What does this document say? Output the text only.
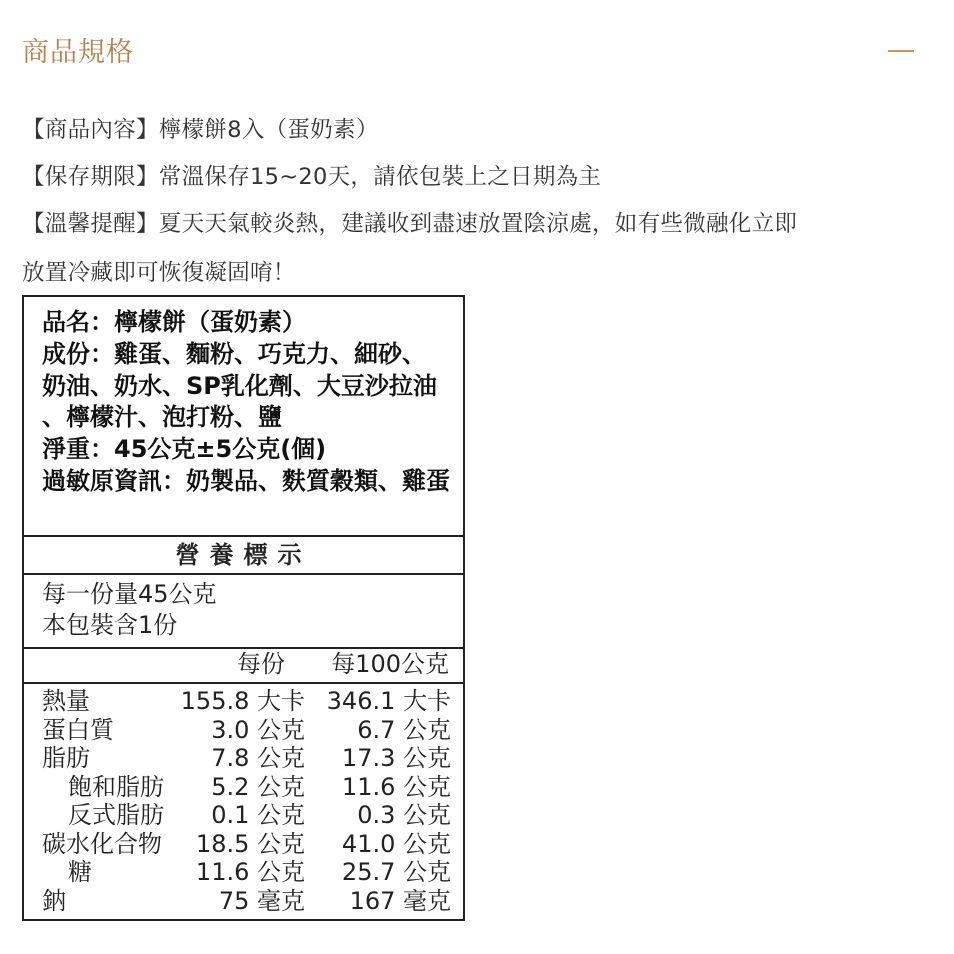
商品規格
【商品內容】檸檬餅8入（蛋奶素）
【保存期限】常溫保存15~20天，請依包裝上之日期為主
【溫馨提醒】夏天天氣較炎熱，建議收到盡速放置陰涼處，如有些微融化立即
放置冷藏即可恢復凝固唷！
品名：檸檬餅（蛋奶素）
成份：雞蛋、麵粉、巧克力、細砂、
奶油、奶水、SP乳化劑、大豆沙拉油
、檸檬汁、泡打粉、鹽
淨重：45公克±5公克(個)
過敏原資訊：奶製品、麩質穀類、雞蛋
營養標示
每一份量45公克
本包裝含1份
每份 每100公克
熱量	155.8 大卡 346.1 大卡
蛋白質	3.0 公克 6.7 公克
脂肪	7.8 公克 17.3 公克
飽和脂肪 5.2 公克 11.6 公克
反式脂肪 0.1 公克 0.3 公克
碳水化合物 18.5 公克 41.0 公克
糖	11.6 公克 25.7 公克
鈉	75 毫克 167 毫克
